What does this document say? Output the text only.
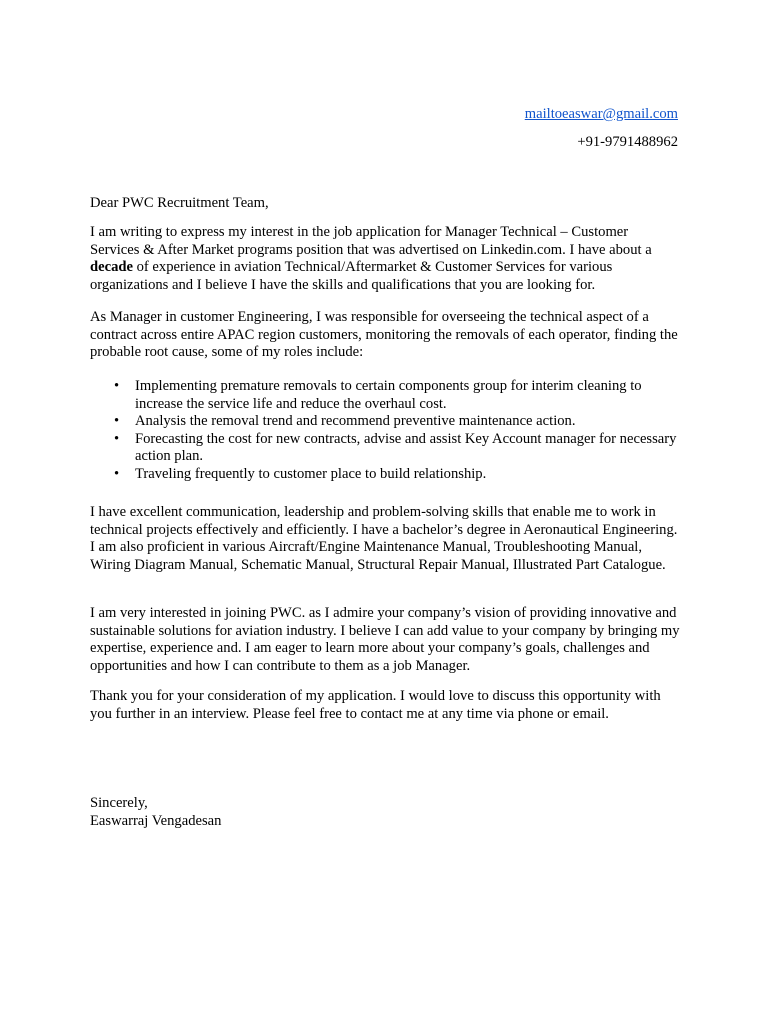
mailtoeaswar@gmail.com
+91-9791488962
Dear PWC Recruitment Team,
I am writing to express my interest in the job application for Manager Technical – Customer Services & After Market programs position that was advertised on Linkedin.com. I have about a decade of experience in aviation Technical/Aftermarket & Customer Services for various organizations and I believe I have the skills and qualifications that you are looking for.
As Manager in customer Engineering, I was responsible for overseeing the technical aspect of a contract across entire APAC region customers, monitoring the removals of each operator, finding the probable root cause, some of my roles include:
• Implementing premature removals to certain components group for interim cleaning to increase the service life and reduce the overhaul cost.
• Analysis the removal trend and recommend preventive maintenance action.
• Forecasting the cost for new contracts, advise and assist Key Account manager for necessary action plan.
• Traveling frequently to customer place to build relationship.
I have excellent communication, leadership and problem-solving skills that enable me to work in technical projects effectively and efficiently. I have a bachelor’s degree in Aeronautical Engineering. I am also proficient in various Aircraft/Engine Maintenance Manual, Troubleshooting Manual, Wiring Diagram Manual, Schematic Manual, Structural Repair Manual, Illustrated Part Catalogue.
I am very interested in joining PWC. as I admire your company’s vision of providing innovative and sustainable solutions for aviation industry. I believe I can add value to your company by bringing my expertise, experience and. I am eager to learn more about your company’s goals, challenges and opportunities and how I can contribute to them as a job Manager.
Thank you for your consideration of my application. I would love to discuss this opportunity with you further in an interview. Please feel free to contact me at any time via phone or email.
Sincerely,
Easwarraj Vengadesan
